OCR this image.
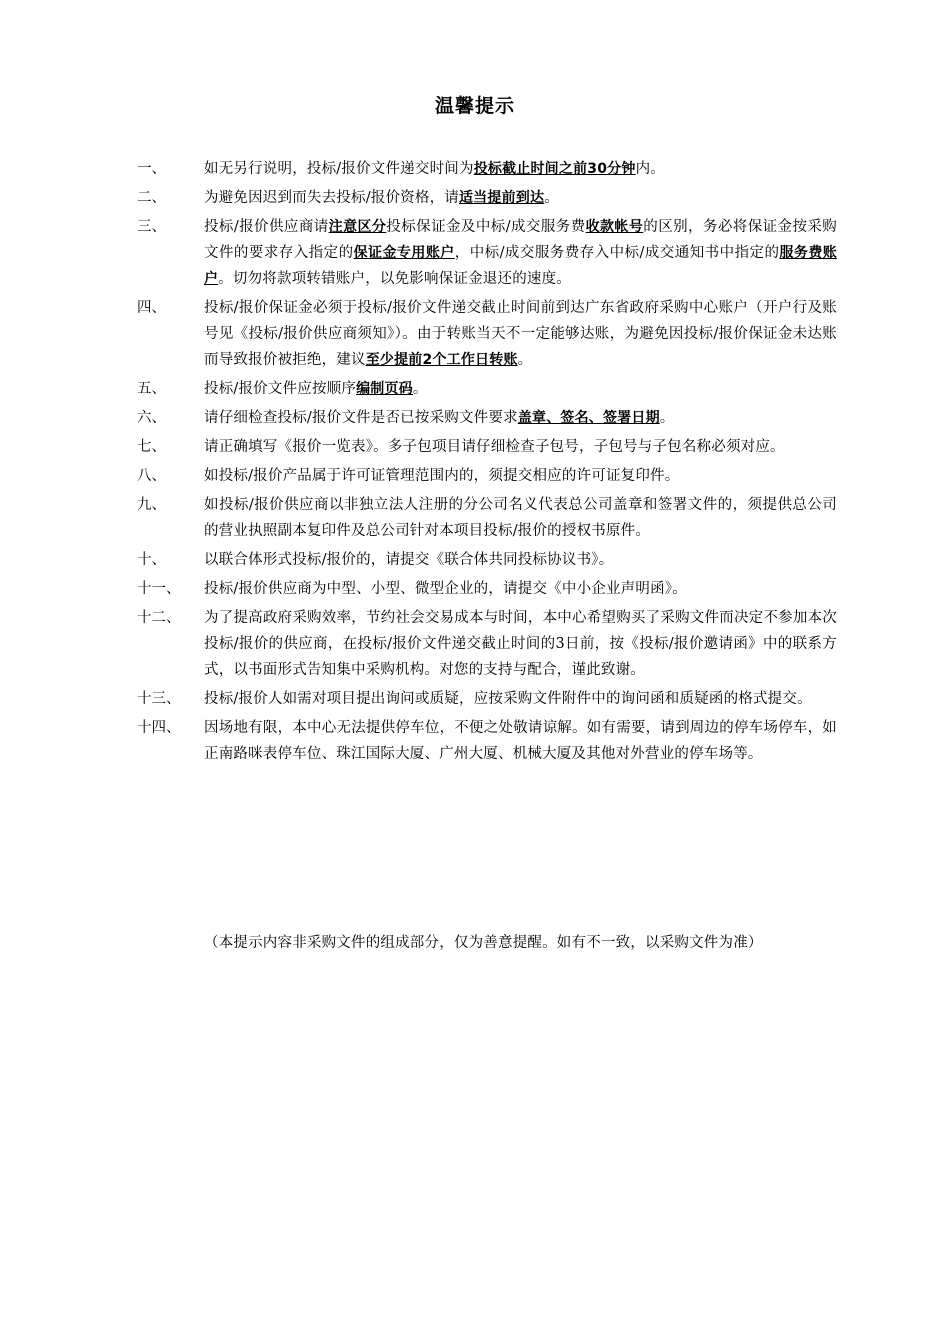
温馨提示
一、	如无另行说明，投标/报价文件递交时间为投标截止时间之前30分钟内。
二、	为避免因迟到而失去投标/报价资格，请适当提前到达。
三、	投标/报价供应商请注意区分投标保证金及中标/成交服务费收款帐号的区别，务必将保证金按采购文件的要求存入指定的保证金专用账户，中标/成交服务费存入中标/成交通知书中指定的服务费账户。切勿将款项转错账户，以免影响保证金退还的速度。
四、	投标/报价保证金必须于投标/报价文件递交截止时间前到达广东省政府采购中心账户（开户行及账号见《投标/报价供应商须知》）。由于转账当天不一定能够达账，为避免因投标/报价保证金未达账而导致报价被拒绝，建议至少提前2个工作日转账。
五、	投标/报价文件应按顺序编制页码。
六、	请仔细检查投标/报价文件是否已按采购文件要求盖章、签名、签署日期。
七、	请正确填写《报价一览表》。多子包项目请仔细检查子包号，子包号与子包名称必须对应。
八、	如投标/报价产品属于许可证管理范围内的，须提交相应的许可证复印件。
九、	如投标/报价供应商以非独立法人注册的分公司名义代表总公司盖章和签署文件的，须提供总公司的营业执照副本复印件及总公司针对本项目投标/报价的授权书原件。
十、	以联合体形式投标/报价的，请提交《联合体共同投标协议书》。
十一、	投标/报价供应商为中型、小型、微型企业的，请提交《中小企业声明函》。
十二、	为了提高政府采购效率，节约社会交易成本与时间，本中心希望购买了采购文件而决定不参加本次投标/报价的供应商，在投标/报价文件递交截止时间的3日前，按《投标/报价邀请函》中的联系方式，以书面形式告知集中采购机构。对您的支持与配合，谨此致谢。
十三、	投标/报价人如需对项目提出询问或质疑，应按采购文件附件中的询问函和质疑函的格式提交。
十四、	因场地有限，本中心无法提供停车位，不便之处敬请谅解。如有需要，请到周边的停车场停车，如正南路咪表停车位、珠江国际大厦、广州大厦、机械大厦及其他对外营业的停车场等。
（本提示内容非采购文件的组成部分，仅为善意提醒。如有不一致，以采购文件为准）
